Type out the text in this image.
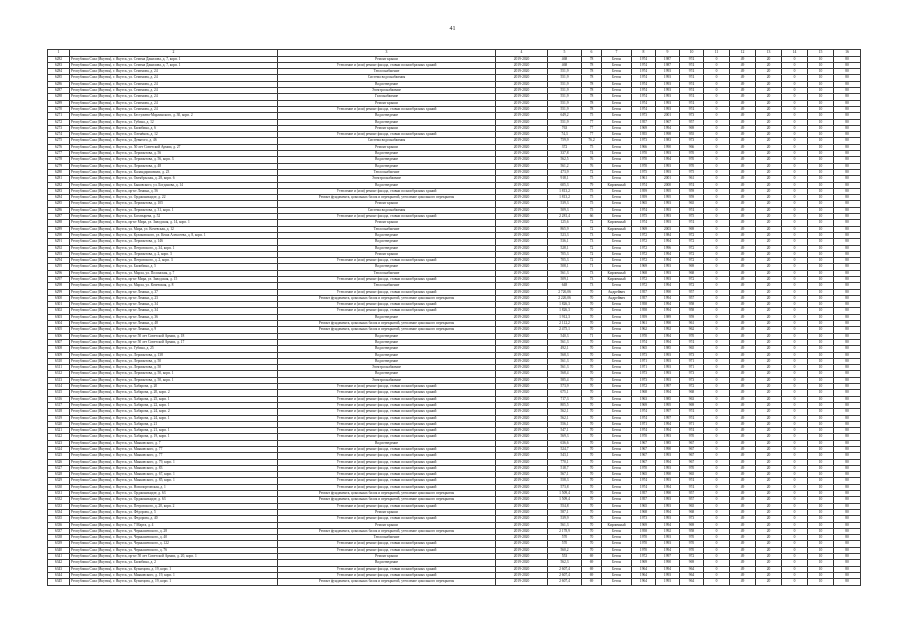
41
1	2	3	4	5	6	7	8	9	10	11	12	13	14	15	16
6282	Республика Саха (Якутия), г. Якутск, ул. Семена Данилова, д. 7, корп. 1	Ремонт крыши	2019-2020	468	78	Бетон	1974	1987	974	0	49	20	0	10	80
6283	Республика Саха (Якутия), г. Якутск, ул. Семена Данилова, д. 7, корп. 1	Утепление и (или) ремонт фасада, ставни полнообразных зданий	2019-2020	468	78	Бетон	1974	1987	974	0	49	20	0	10	80
6284	Республика Саха (Якутия), г. Якутск, ул. Семенова, д. 24	Теплоснабжение	2019-2020	551,9	78	Бетон	1974	1993	974	0	49	20	0	10	80
6285	Республика Саха (Якутия), г. Якутск, ул. Семенова, д. 24	Система водоснабжения	2019-2020	551,9	78	Бетон	1974	1993	974	0	49	20	0	10	80
6286	Республика Саха (Якутия), г. Якутск, ул. Семенова, д. 24	Водоотведение	2019-2020	551,9	78	Бетон	1974	1993	974	0	49	20	0	10	80
6287	Республика Саха (Якутия), г. Якутск, ул. Семенова, д. 24	Электроснабжение	2019-2020	551,9	78	Бетон	1974	1993	974	0	49	20	0	10	80
6288	Республика Саха (Якутия), г. Якутск, ул. Семенова, д. 24	Газоснабжение	2019-2020	551,9	78	Бетон	1974	1993	974	0	49	20	0	10	80
6289	Республика Саха (Якутия), г. Якутск, ул. Семенова, д. 24	Ремонт крыши	2019-2020	551,9	78	Бетон	1974	1993	974	0	49	20	0	10	80
6270	Республика Саха (Якутия), г. Якутск, ул. Семенова, д. 24	Утепление и (или) ремонт фасада, ставни полнообразных зданий	2019-2020	551,9	78	Бетон	1974	1993	974	0	49	20	0	10	80
6271	Республика Саха (Якутия), г. Якутск, ул. Бестужева-Марлинского, д. 30, корп. 2	Водоотведение	2019-2020	649,2	75	Бетон	1973	2001	973	0	49	20	0	10	80
6272	Республика Саха (Якутия), г. Якутск, ул. Губина, д. 12	Водоотведение	2019-2020	551,9	77	Бетон	1957	1967	957	0	49	20	0	10	80
6273	Республика Саха (Якутия), г. Якутск, ул. Билибина, д. 6	Ремонт крыши	2019-2020	763	77	Бетон	1969	1994	969	0	49	20	0	10	80
6274	Республика Саха (Якутия), г. Якутск, ул. Оленёнок, д. 12	Утепление и (или) ремонт фасада, ставни полнообразных зданий	2019-2020	74,3	77	Бетон	1955	1998	955	0	49	20	0	10	80
6275	Республика Саха (Якутия), г. Якутск, ул. Девятого, д. 46	Система водоснабжения	2019-2020	759,9	76,2	Бетон	1973	1983	973	0	49	20	0	10	80
6276	Республика Саха (Якутия), г. Якутск, ул. 50 лет Советской Армии, д. 27	Ремонт крыши	2019-2020	372	75	Бетон	1966	1990	966	0	49	20	0	10	80
6277	Республика Саха (Якутия), г. Якутск, ул. Лермонтова, д. 56	Водоотведение	2019-2020	337,8	74	Бетон	1970	1993	970	0	49	20	0	10	80
6278	Республика Саха (Якутия), г. Якутск, ул. Лермонтова, д. 56, корп. 3	Водоотведение	2019-2020	562,5	76	Бетон	1970	1994	970	0	49	20	0	10	80
6279	Республика Саха (Якутия), г. Якутск, ул. Лермонтова, д. 48	Водоотведение	2019-2020	561,2	76	Бетон	1970	1993	970	0	49	20	0	10	80
6280	Республика Саха (Якутия), г. Якутск, ул. Каландаришвили, д. 23	Теплоснабжение	2019-2020	473,9	72	Бетон	1975	1993	975	0	49	20	0	10	80
6281	Республика Саха (Якутия), г. Якутск, ул. Октябрьская, д. 28, корп. 6	Электроснабжение	2019-2020	918,1	75	Бетон	1961	2001	961	0	49	20	0	10	80
6282	Республика Саха (Якутия), г. Якутск, ул. Быковского, ул. Богданова, д. 14	Водоотведение	2019-2020	605,3	79	Кирпичный	1974	2000	974	0	49	20	0	10	80
6283	Республика Саха (Якутия), г. Якутск, пр-кт Ленина, д. 56	Утепление и (или) ремонт фасада, ставни полнообразных зданий	2019-2020	1 813,2	75	Бетон	1959	1995	959	0	49	20	0	10	80
6284	Республика Саха (Якутия), г. Якутск, ул. Орджоникидзе, д. 22	Ремонт фундамента, цокольных балок и перекрытий, утепление цокольного перекрытия	2019-2020	1 813,2	75	Бетон	1959	1995	959	0	49	20	0	10	80
6285	Республика Саха (Якутия), г. Якутск, ул. Лермонтова, д. 105	Ремонт крыши	2019-2020	539,3	75	Бетон	1965	1993	965	0	49	20	0	10	80
6286	Республика Саха (Якутия), г. Якутск, ул. Лермонтова, д. 31, корп. 1	Система водоснабжения	2019-2020	509,3	75	Бетон	1974	1993	974	0	49	20	0	10	80
6287	Республика Саха (Якутия), г. Якутск, ул. Богатырева, д. 52	Утепление и (или) ремонт фасада, ставни полнообразных зданий	2019-2020	2 281,4	66	Бетон	1975	1993	975	0	49	20	0	10	80
6288	Республика Саха (Якутия), г. Якутск, пр-кт Мира, ул. Заводская, д. 14, корп. 1	Ремонт крыши	2019-2020	125,6	72	Кирпичный	1974	1993	974	0	49	20	0	10	80
6289	Республика Саха (Якутия), г. Якутск, ул. Мира, ул. Кочевская, д. 12	Теплоснабжение	2019-2020	865,9	72	Кирпичный	1969	2003	969	0	49	20	0	10	80
6290	Республика Саха (Якутия), г. Якутск, ул. Кулаковского, ул. Кеша Алексеева, д. 8, корп. 1	Водоотведение	2019-2020	523,3	73	Бетон	1972	1984	972	0	49	20	0	10	80
6291	Республика Саха (Якутия), г. Якутск, ул. Лермонтова, д. 146	Водоотведение	2019-2020	536,1	73	Бетон	1972	1994	972	0	49	20	0	10	80
6292	Республика Саха (Якутия), г. Якутск, ул. Петровского, д. 34, корп. 1	Водоотведение	2019-2020	528,1	72	Бетон	1972	1996	972	0	49	20	0	10	80
6293	Республика Саха (Якутия), г. Якутск, ул. Лермонтова, д. 2, корп. 3	Ремонт крыши	2019-2020	705,3	72	Бетон	1972	1994	972	0	49	20	0	10	80
6294	Республика Саха (Якутия), г. Якутск, ул. Петровского, д. 2, корп. 3	Утепление и (или) ремонт фасада, ставни полнообразных зданий	2019-2020	705,3	72	Бетон	1972	1994	972	0	49	20	0	10	80
6295	Республика Саха (Якутия), г. Якутск, ул. Билибина, д. 5	Водоотведение	2019-2020	508,1	71	Бетон	1969	1993	969	0	49	20	0	10	80
6296	Республика Саха (Якутия), г. Якутск, ул. Марха, ул. Полонская, д. 7	Теплоснабжение	2019-2020	561,3	73	Кирпичный	1968	1993	968	0	49	20	0	10	80
6297	Республика Саха (Якутия), г. Якутск, пр-кт Мира, ул. Заводская, д. 15	Утепление и (или) ремонт фасада, ставни полнообразных зданий	2019-2020	509,1	73	Кирпичный	1972	1993	972	0	49	20	0	10	80
6298	Республика Саха (Якутия), г. Якутск, ул. Марха, ул. Кочевская, д. 8	Теплоснабжение	2019-2020	648	73	Бетон	1972	1994	972	0	49	20	0	10	80
6299	Республика Саха (Якутия), г. Якутск, пр-кт Ленина, д. 37	Утепление и (или) ремонт фасада, ставни полнообразных зданий	2019-2020	2 726,06	70	Андрейвич	1957	1990	957	0	49	20	0	10	80
6300	Республика Саха (Якутия), г. Якутск, пр-кт Ленина, д. 23	Ремонт фундамента, цокольных балок и перекрытий, утепление цокольного перекрытия	2019-2020	2 226,06	70	Андрейвич	1957	1994	957	0	49	20	0	10	80
6301	Республика Саха (Якутия), г. Якутск, пр-кт Ленина, д. 34	Утепление и (или) ремонт фасада, ставни полнообразных зданий	2019-2020	1 826,3	70	Бетон	1958	1994	958	0	49	20	0	10	80
6302	Республика Саха (Якутия), г. Якутск, пр-кт Ленина, д. 34	Утепление и (или) ремонт фасада, ставни полнообразных зданий	2019-2020	1 826,3	70	Бетон	1958	1994	958	0	49	20	0	10	80
6303	Республика Саха (Якутия), г. Якутск, пр-кт Ленина, д. 36	Водоотведение	2019-2020	1 912,3	70	Бетон	1959	1989	959	0	49	20	0	10	80
6304	Республика Саха (Якутия), г. Якутск, пр-кт Ленина, д. 48	Ремонт фундамента, цокольных балок и перекрытий, утепление цокольного перекрытия	2019-2020	2 112,2	70	Бетон	1961	1990	961	0	49	20	0	10	80
6305	Республика Саха (Якутия), г. Якутск, пр-кт Ленина, д. 9	Ремонт фундамента, цокольных балок и перекрытий, утепление цокольного перекрытия	2019-2020	2 475,1	70	Бетон	1962	1992	962	0	49	20	0	10	80
6306	Республика Саха (Якутия), г. Якутск, пр-кт 50 лет Советской Армии, д. 18	Водоотведение	2019-2020	540,3	71	Бетон	1970	1994	970	0	49	20	0	10	80
6307	Республика Саха (Якутия), г. Якутск, пр-кт 50 лет Советской Армии, д. 17	Водоотведение	2019-2020	561,3	70	Бетон	1974	1994	974	0	49	20	0	10	80
6308	Республика Саха (Якутия), г. Якутск, ул. Губина, д. 25	Водоотведение	2019-2020	492,1	70	Бетон	1965	1985	965	0	49	20	0	10	80
6309	Республика Саха (Якутия), г. Якутск, ул. Лермонтова, д. 138	Водоотведение	2019-2020	568,3	70	Бетон	1973	1993	973	0	49	20	0	10	80
6310	Республика Саха (Якутия), г. Якутск, ул. Лермонтова, д. 50	Водоотведение	2019-2020	561,3	70	Бетон	1971	1993	971	0	49	20	0	10	80
6311	Республика Саха (Якутия), г. Якутск, ул. Лермонтова, д. 50	Электроснабжение	2019-2020	561,3	70	Бетон	1971	1993	971	0	49	20	0	10	80
6312	Республика Саха (Якутия), г. Якутск, ул. Лермонтова, д. 50, корп. 1	Водоотведение	2019-2020	568,4	70	Бетон	1973	1993	973	0	49	20	0	10	80
6313	Республика Саха (Якутия), г. Якутск, ул. Лермонтова, д. 50, корп. 1	Электроснабжение	2019-2020	585,4	70	Бетон	1973	1993	973	0	49	20	0	10	80
6314	Республика Саха (Якутия), г. Якутск, ул. Хабарова, д. 20	Утепление и (или) ремонт фасада, ставни полнообразных зданий	2019-2020	573,9	70	Бетон	1972	1997	972	0	49	20	0	10	80
6315	Республика Саха (Якутия), г. Якутск, ул. Хабарова, д. 20, корп. 2	Утепление и (или) ремонт фасада, ставни полнообразных зданий	2019-2020	675,1	70	Бетон	1968	1994	968	0	49	20	0	10	80
6316	Республика Саха (Якутия), г. Якутск, ул. Хабарова, д. 25, корп. 1	Утепление и (или) ремонт фасада, ставни полнообразных зданий	2019-2020	717,3	70	Бетон	1963	1985	963	0	49	20	0	10	80
6317	Республика Саха (Якутия), г. Якутск, ул. Хабарова, д. 22, корп. 1	Утепление и (или) ремонт фасада, ставни полнообразных зданий	2019-2020	805,5	70	Бетон	1969	1995	969	0	49	20	0	10	80
6318	Республика Саха (Якутия), г. Якутск, ул. Хабарова, д. 24, корп. 2	Утепление и (или) ремонт фасада, ставни полнообразных зданий	2019-2020	562,1	70	Бетон	1974	1997	974	0	49	20	0	10	80
6319	Республика Саха (Якутия), г. Якутск, ул. Хабарова, д. 24, корп. 1	Утепление и (или) ремонт фасада, ставни полнообразных зданий	2019-2020	562,1	70	Бетон	1974	1997	974	0	49	20	0	10	80
6320	Республика Саха (Якутия), г. Якутск, ул. Хабарова, д. 21	Утепление и (или) ремонт фасада, ставни полнообразных зданий	2019-2020	556,1	70	Бетон	1971	1994	971	0	49	20	0	10	80
6321	Республика Саха (Якутия), г. Якутск, ул. Хабарова, д. 21, корп. 1	Утепление и (или) ремонт фасада, ставни полнообразных зданий	2019-2020	547,1	70	Бетон	1974	1994	974	0	49	20	0	10	80
6322	Республика Саха (Якутия), г. Якутск, ул. Хабарова, д. 19, корп. 1	Утепление и (или) ремонт фасада, ставни полнообразных зданий	2019-2020	569,3	70	Бетон	1970	1993	970	0	49	20	0	10	80
6323	Республика Саха (Якутия), г. Якутск, ул. Маяковского, д. 7	Водоотведение	2019-2020	636,6	70	Бетон	1967	1985	967	0	49	20	0	10	80
6324	Республика Саха (Якутия), г. Якутск, ул. Маяковского, д. 77	Утепление и (или) ремонт фасада, ставни полнообразных зданий	2019-2020	524,7	70	Бетон	1967	1990	967	0	49	20	0	10	80
6325	Республика Саха (Якутия), г. Якутск, ул. Маяковского, д. 77	Утепление и (или) ремонт фасада, ставни полнообразных зданий	2019-2020	543,1	70	Бетон	1967	1993	967	0	49	20	0	10	80
6326	Республика Саха (Якутия), г. Якутск, ул. Маяковского, д. 79, корп. 1	Утепление и (или) ремонт фасада, ставни полнообразных зданий	2019-2020	770,1	70	Бетон	1967	1994	967	0	49	20	0	10	80
6327	Республика Саха (Якутия), г. Якутск, ул. Маяковского, д. 83	Утепление и (или) ремонт фасада, ставни полнообразных зданий	2019-2020	518,7	70	Бетон	1970	1993	970	0	49	20	0	10	80
6328	Республика Саха (Якутия), г. Якутск, ул. Маяковского, д. 67, корп. 1	Утепление и (или) ремонт фасада, ставни полнообразных зданий	2019-2020	567,1	70	Бетон	1965	1990	965	0	49	20	0	10	80
6329	Республика Саха (Якутия), г. Якутск, ул. Маяковского, д. 85, корп. 1	Утепление и (или) ремонт фасада, ставни полнообразных зданий	2019-2020	558,3	70	Бетон	1974	1993	974	0	49	20	0	10	80
6330	Республика Саха (Якутия), г. Якутск, ул. Новопортовская, д. 1	Утепление и (или) ремонт фасада, ставни полнообразных зданий	2019-2020	573,8	70	Бетон	1974	1994	974	0	49	20	0	10	80
6331	Республика Саха (Якутия), г. Якутск, ул. Орджоникидзе, д. 63	Ремонт фундамента, цокольных балок и перекрытий, утепление цокольного перекрытия	2019-2020	1 509,4	70	Бетон	1957	1990	957	0	49	20	0	10	80
6332	Республика Саха (Якутия), г. Якутск, ул. Орджоникидзе, д. 63	Ремонт фундамента, цокольных балок и перекрытий, утепление цокольного перекрытия	2019-2020	1 509,4	70	Бетон	1957	1993	957	0	49	20	0	10	80
6333	Республика Саха (Якутия), г. Якутск, ул. Петровского, д. 20, корп. 2	Утепление и (или) ремонт фасада, ставни полнообразных зданий	2019-2020	554,8	70	Бетон	1965	1993	965	0	49	20	0	10	80
6334	Республика Саха (Якутия), г. Якутск, ул. Фёдорова, д. 5	Ремонт крыши	2019-2020	587,1	70	Бетон	1968	1994	968	0	49	20	0	10	80
6335	Республика Саха (Якутия), г. Якутск, ул. Федорова, д. 40	Утепление и (или) ремонт фасада, ставни полнообразных зданий	2019-2020	539,9	70	Бетон	1973	1993	973	0	49	20	0	10	80
6336	Республика Саха (Якутия), г. Якутск, ул. 7 Марта, д. 4	Ремонт крыши	2019-2020	561,3	70	Кирпичный	1969	1994	969	0	49	20	0	10	80
6337	Республика Саха (Якутия), г. Якутск, ул. Чернышевского, д. 28	Ремонт фундамента, цокольных балок и перекрытий, утепление цокольного перекрытия	2019-2020	2 178,9	70	Бетон	1958	1992	958	0	49	20	0	10	80
6338	Республика Саха (Якутия), г. Якутск, ул. Чернышевского, д. 40	Теплоснабжение	2019-2020	570	70	Бетон	1970	1993	970	0	49	20	0	10	80
6339	Республика Саха (Якутия), г. Якутск, ул. Чернышевского, д. 122	Утепление и (или) ремонт фасада, ставни полнообразных зданий	2019-2020	570	70	Бетон	1970	1993	970	0	49	20	0	10	80
6340	Республика Саха (Якутия), г. Якутск, ул. Чернышевского, д. 76	Утепление и (или) ремонт фасада, ставни полнообразных зданий	2019-2020	560,2	70	Бетон	1970	1994	970	0	49	20	0	10	80
6341	Республика Саха (Якутия), г. Якутск, пр-кт 50 лет Советской Армии, д. 20, корп. 1	Ремонт крыши	2019-2020	553	69	Бетон	1972	1997	972	0	49	20	0	10	80
6342	Республика Саха (Якутия), г. Якутск, ул. Билибина, д. 2	Водоотведение	2019-2020	562,3	69	Бетон	1969	1990	969	0	49	20	0	10	80
6343	Республика Саха (Якутия), г. Якутск, ул. Кузнецова, д. 19, корп. 1	Утепление и (или) ремонт фасада, ставни полнообразных зданий	2019-2020	2 607,4	69	Бетон	1964	1994	964	0	49	20	0	10	80
6344	Республика Саха (Якутия), г. Якутск, ул. Маяковского, д. 19, корп. 1	Утепление и (или) ремонт фасада, ставни полнообразных зданий	2019-2020	2 607,4	69	Бетон	1964	1993	964	0	49	20	0	10	80
6345	Республика Саха (Якутия), г. Якутск, ул. Кузнецова, д. 19, корп. 1	Ремонт фундамента, цокольных балок и перекрытий, утепление цокольного перекрытия	2019-2020	2 607,4	69	Бетон	1964	1993	964	0	49	20	0	10	80
